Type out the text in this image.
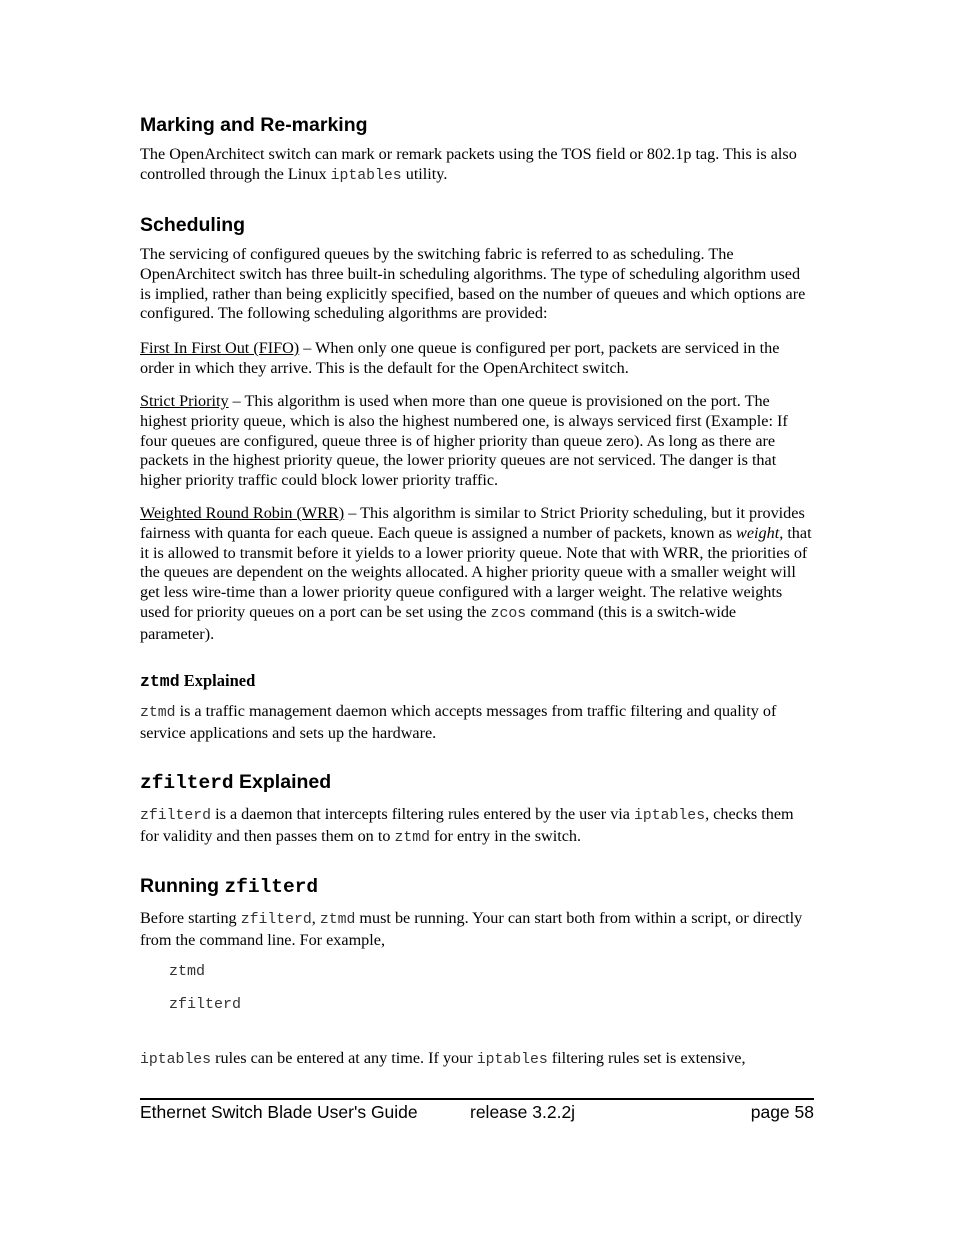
Marking and Re-marking

The OpenArchitect switch can mark or remark packets using the TOS field or 802.1p tag. This is also controlled through the Linux iptables utility.

Scheduling

The servicing of configured queues by the switching fabric is referred to as scheduling. The OpenArchitect switch has three built-in scheduling algorithms. The type of scheduling algorithm used is implied, rather than being explicitly specified, based on the number of queues and which options are configured. The following scheduling algorithms are provided:

First In First Out (FIFO) – When only one queue is configured per port, packets are serviced in the order in which they arrive. This is the default for the OpenArchitect switch.

Strict Priority – This algorithm is used when more than one queue is provisioned on the port. The highest priority queue, which is also the highest numbered one, is always serviced first (Example: If four queues are configured, queue three is of higher priority than queue zero). As long as there are packets in the highest priority queue, the lower priority queues are not serviced. The danger is that higher priority traffic could block lower priority traffic.

Weighted Round Robin (WRR) – This algorithm is similar to Strict Priority scheduling, but it provides fairness with quanta for each queue. Each queue is assigned a number of packets, known as weight, that it is allowed to transmit before it yields to a lower priority queue. Note that with WRR, the priorities of the queues are dependent on the weights allocated. A higher priority queue with a smaller weight will get less wire-time than a lower priority queue configured with a larger weight. The relative weights used for priority queues on a port can be set using the zcos command (this is a switch-wide parameter).

ztmd Explained

ztmd is a traffic management daemon which accepts messages from traffic filtering and quality of service applications and sets up the hardware.

zfilterd Explained

zfilterd is a daemon that intercepts filtering rules entered by the user via iptables, checks them for validity and then passes them on to ztmd for entry in the switch.

Running zfilterd

Before starting zfilterd, ztmd must be running. Your can start both from within a script, or directly from the command line. For example,

ztmd
zfilterd

iptables rules can be entered at any time. If your iptables filtering rules set is extensive,

Ethernet Switch Blade User's Guide	release 3.2.2j	page 58
